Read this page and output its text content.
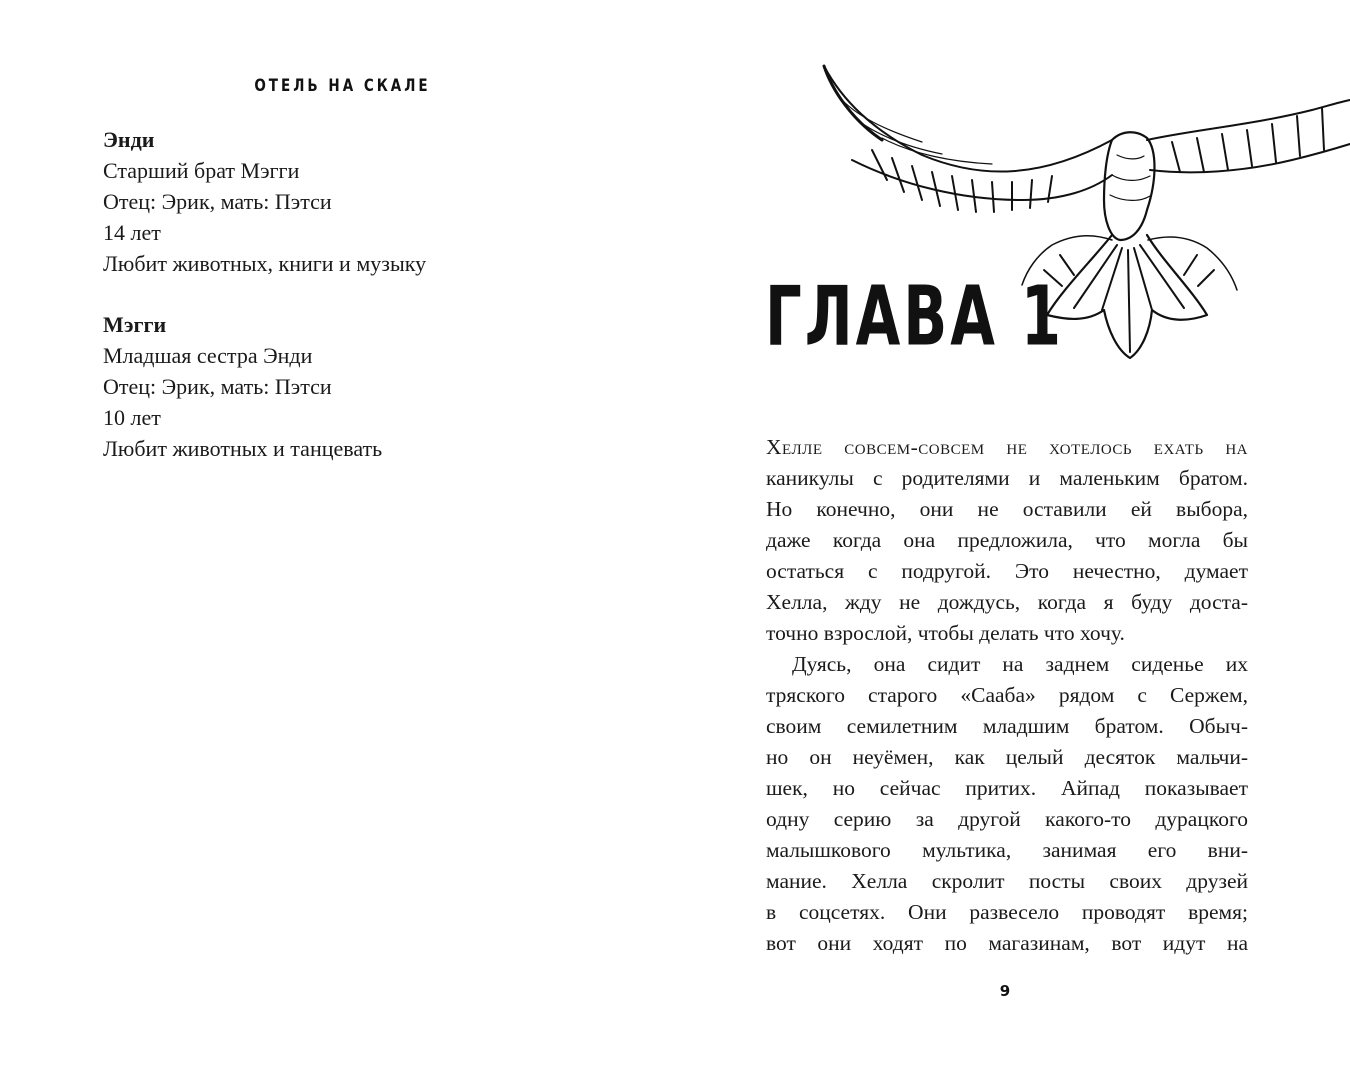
ОТЕЛЬ НА СКАЛЕ
Энди
Старший брат Мэгги
Отец: Эрик, мать: Пэтси
14 лет
Любит животных, книги и музыку
Мэгги
Младшая сестра Энди
Отец: Эрик, мать: Пэтси
10 лет
Любит животных и танцевать
ГЛАВА 1
Хелле совсем-совсем не хотелось ехать на
каникулы с родителями и маленьким братом.
Но конечно, они не оставили ей выбора,
даже когда она предложила, что могла бы
остаться с подругой. Это нечестно, думает
Хелла, жду не дождусь, когда я буду доста-
точно взрослой, чтобы делать что хочу.
Дуясь, она сидит на заднем сиденье их
тряского старого «Сааба» рядом с Сержем,
своим семилетним младшим братом. Обыч-
но он неуёмен, как целый десяток мальчи-
шек, но сейчас притих. Айпад показывает
одну серию за другой какого-то дурацкого
малышкового мультика, занимая его вни-
мание. Хелла скролит посты своих друзей
в соцсетях. Они развесело проводят время;
вот они ходят по магазинам, вот идут на
9
